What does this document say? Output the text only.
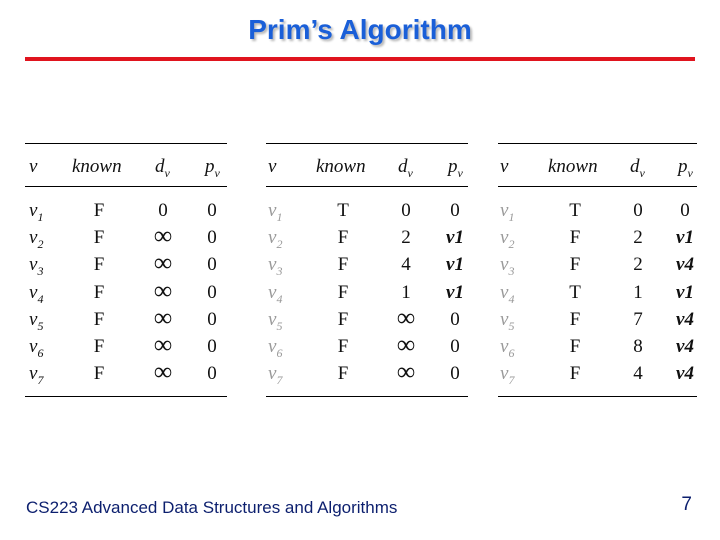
Prim’s Algorithm
v known $d_v$ $p_v$
$v_1$	F	0	0
$v_2$	F	∞	0
$v_3$	F	∞	0
$v_4$	F	∞	0
$v_5$	F	∞	0
$v_6$	F	∞	0
$v_7$	F	∞	0
v known $d_v$ $p_v$
$v_1$	T	0	0
$v_2$	F	2	v1
$v_3$	F	4	v1
$v_4$	F	1	v1
$v_5$	F	∞	0
$v_6$	F	∞	0
$v_7$	F	∞	0
v known $d_v$ $p_v$
$v_1$	T	0	0
$v_2$	F	2	v1
$v_3$	F	2	v4
$v_4$	T	1	v1
$v_5$	F	7	v4
$v_6$	F	8	v4
$v_7$	F	4	v4
CS223 Advanced Data Structures and Algorithms	7
